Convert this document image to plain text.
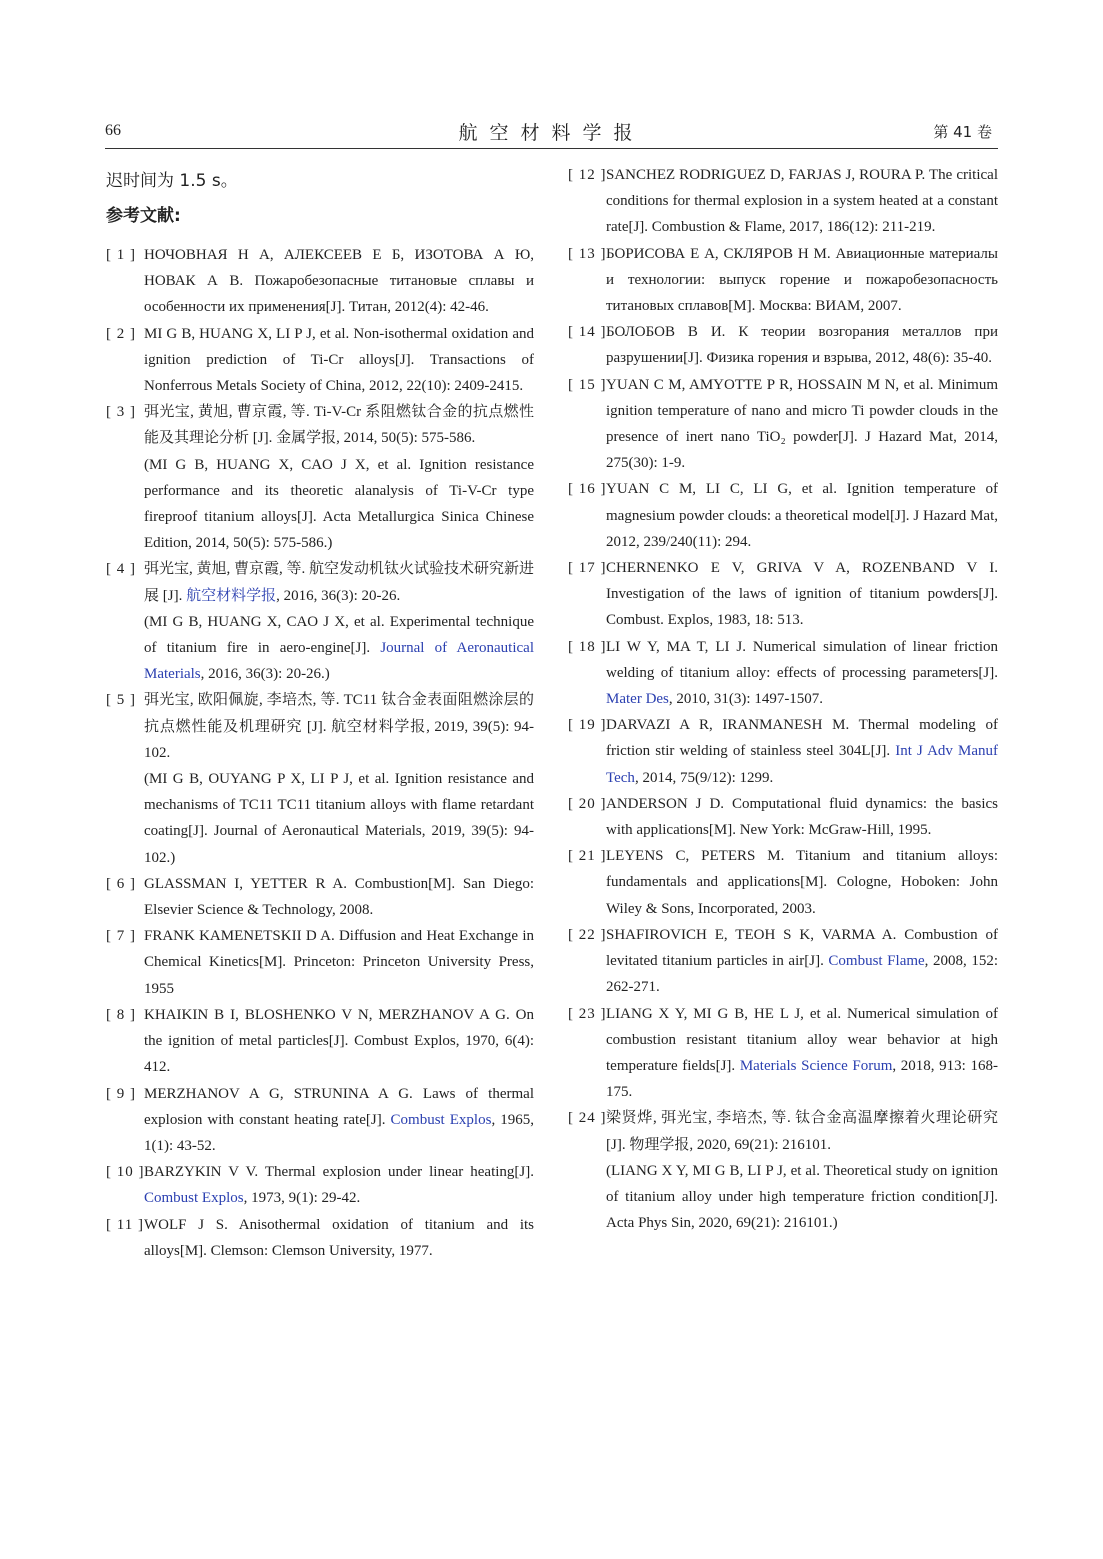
66	航空材料学报	第 41 卷
迟时间为 1.5 s。
参考文献:
[ 1 ] НОЧОВНАЯ Н А, АЛЕКСЕЕВ Е Б, ИЗОТОВА А Ю, НОВАК А В. Пожаробезопасные титановые сплавы и особенности их применения[J]. Титан, 2012(4): 42-46.
[ 2 ] MI G B, HUANG X, LI P J, et al. Non-isothermal oxidation and ignition prediction of Ti-Cr alloys[J]. Transactions of Nonferrous Metals Society of China, 2012, 22(10): 2409-2415.
[ 3 ] 弭光宝, 黄旭, 曹京霞, 等. Ti-V-Cr 系阻燃钛合金的抗点燃性能及其理论分析 [J]. 金属学报, 2014, 50(5): 575-586.
(MI G B, HUANG X, CAO J X, et al. Ignition resistance performance and its theoretic alanalysis of Ti-V-Cr type fireproof titanium alloys[J]. Acta Metallurgica Sinica Chinese Edition, 2014, 50(5): 575-586.)
[ 4 ] 弭光宝, 黄旭, 曹京霞, 等. 航空发动机钛火试验技术研究新进展 [J]. 航空材料学报, 2016, 36(3): 20-26.
(MI G B, HUANG X, CAO J X, et al. Experimental technique of titanium fire in aero-engine[J]. Journal of Aeronautical Materials, 2016, 36(3): 20-26.)
[ 5 ] 弭光宝, 欧阳佩旋, 李培杰, 等. TC11 钛合金表面阻燃涂层的抗点燃性能及机理研究 [J]. 航空材料学报, 2019, 39(5): 94-102.
(MI G B, OUYANG P X, LI P J, et al. Ignition resistance and mechanisms of TC11 TC11 titanium alloys with flame retardant coating[J]. Journal of Aeronautical Materials, 2019, 39(5): 94-102.)
[ 6 ] GLASSMAN I, YETTER R A. Combustion[M]. San Diego: Elsevier Science & Technology, 2008.
[ 7 ] FRANK KAMENETSKII D A. Diffusion and Heat Exchange in Chemical Kinetics[M]. Princeton: Princeton University Press, 1955
[ 8 ] KHAIKIN B I, BLOSHENKO V N, MERZHANOV A G. On the ignition of metal particles[J]. Combust Explos, 1970, 6(4): 412.
[ 9 ] MERZHANOV A G, STRUNINA A G. Laws of thermal explosion with constant heating rate[J]. Combust Explos, 1965, 1(1): 43-52.
[ 10 ] BARZYKIN V V. Thermal explosion under linear heating[J]. Combust Explos, 1973, 9(1): 29-42.
[ 11 ] WOLF J S. Anisothermal oxidation of titanium and its alloys[M]. Clemson: Clemson University, 1977.
[ 12 ] SANCHEZ RODRIGUEZ D, FARJAS J, ROURA P. The critical conditions for thermal explosion in a system heated at a constant rate[J]. Combustion & Flame, 2017, 186(12): 211-219.
[ 13 ] БОРИСОВА Е А, СКЛЯРОВ Н М. Авиационные материалы и технологии: выпуск горение и пожаробезопасность титановых сплавов[M]. Москва: ВИАМ, 2007.
[ 14 ] БОЛОБОВ В И. К теории возгорания металлов при разрушении[J]. Физика горения и взрыва, 2012, 48(6): 35-40.
[ 15 ] YUAN C M, AMYOTTE P R, HOSSAIN M N, et al. Minimum ignition temperature of nano and micro Ti powder clouds in the presence of inert nano TiO₂ powder[J]. J Hazard Mat, 2014, 275(30): 1-9.
[ 16 ] YUAN C M, LI C, LI G, et al. Ignition temperature of magnesium powder clouds: a theoretical model[J]. J Hazard Mat, 2012, 239/240(11): 294.
[ 17 ] CHERNENKO E V, GRIVA V A, ROZENBAND V I. Investigation of the laws of ignition of titanium powders[J]. Combust. Explos, 1983, 18: 513.
[ 18 ] LI W Y, MA T, LI J. Numerical simulation of linear friction welding of titanium alloy: effects of processing parameters[J]. Mater Des, 2010, 31(3): 1497-1507.
[ 19 ] DARVAZI A R, IRANMANESH M. Thermal modeling of friction stir welding of stainless steel 304L[J]. Int J Adv Manuf Tech, 2014, 75(9/12): 1299.
[ 20 ] ANDERSON J D. Computational fluid dynamics: the basics with applications[M]. New York: McGraw-Hill, 1995.
[ 21 ] LEYENS C, PETERS M. Titanium and titanium alloys: fundamentals and applications[M]. Cologne, Hoboken: John Wiley & Sons, Incorporated, 2003.
[ 22 ] SHAFIROVICH E, TEOH S K, VARMA A. Combustion of levitated titanium particles in air[J]. Combust Flame, 2008, 152: 262-271.
[ 23 ] LIANG X Y, MI G B, HE L J, et al. Numerical simulation of combustion resistant titanium alloy wear behavior at high temperature fields[J]. Materials Science Forum, 2018, 913: 168-175.
[ 24 ] 梁贤烨, 弭光宝, 李培杰, 等. 钛合金高温摩擦着火理论研究 [J]. 物理学报, 2020, 69(21): 216101.
(LIANG X Y, MI G B, LI P J, et al. Theoretical study on ignition of titanium alloy under high temperature friction condition[J]. Acta Phys Sin, 2020, 69(21): 216101.)
